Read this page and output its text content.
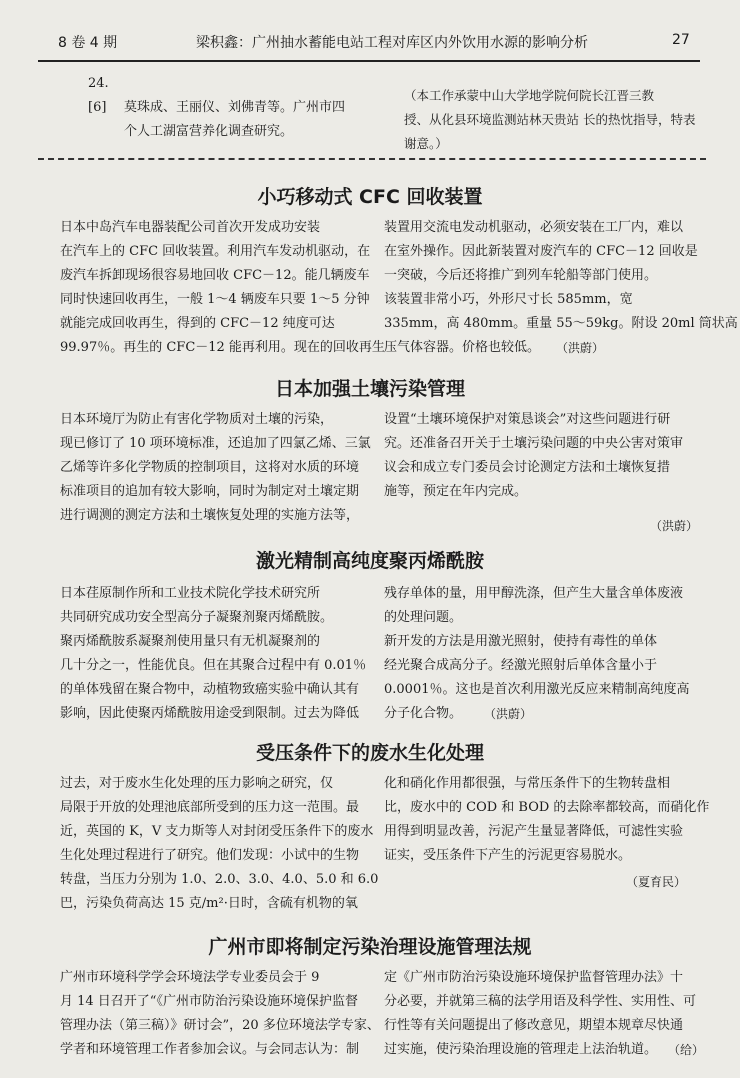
8 卷 4 期	梁积鑫：广州抽水蓄能电站工程对库区内外饮用水源的影响分析	27
24.
[6] 莫珠成、王丽仪、刘佛青等。广州市四
个人工湖富营养化调查研究。
（本工作承蒙中山大学地学院何院长江晋三教
授、从化县环境监测站林天贵站 长的热忱指导，特表
谢意。）
小巧移动式 CFC 回收装置
日本中岛汽车电器装配公司首次开发成功安装
在汽车上的 CFC 回收装置。利用汽车发动机驱动，在
废汽车拆卸现场很容易地回收 CFC－12。能几辆废车
同时快速回收再生，一般 1～4 辆废车只要 1～5 分钟
就能完成回收再生，得到的 CFC－12 纯度可达
99.97％。再生的 CFC－12 能再利用。现在的回收再生
装置用交流电发动机驱动，必须安装在工厂内，难以
在室外操作。因此新装置对废汽车的 CFC－12 回收是
一突破，今后还将推广到列车轮船等部门使用。
该装置非常小巧，外形尺寸长 585mm，宽
335mm，高 480mm。重量 55～59kg。附设 20ml 筒状高
压气体容器。价格也较低。	（洪蔚）
日本加强土壤污染管理
日本环境厅为防止有害化学物质对土壤的污染，
现已修订了 10 项环境标准，还追加了四氯乙烯、三氯
乙烯等许多化学物质的控制项目，这将对水质的环境
标准项目的追加有较大影响，同时为制定对土壤定期
进行调测的测定方法和土壤恢复处理的实施方法等，
设置“土壤环境保护对策恳谈会”对这些问题进行研
究。还准备召开关于土壤污染问题的中央公害对策审
议会和成立专门委员会讨论测定方法和土壤恢复措
施等，预定在年内完成。
（洪蔚）
激光精制高纯度聚丙烯酰胺
日本荏原制作所和工业技术院化学技术研究所
共同研究成功安全型高分子凝聚剂聚丙烯酰胺。
聚丙烯酰胺系凝聚剂使用量只有无机凝聚剂的
几十分之一，性能优良。但在其聚合过程中有 0.01％
的单体残留在聚合物中，动植物致癌实验中确认其有
影响，因此使聚丙烯酰胺用途受到限制。过去为降低
残存单体的量，用甲醇洗涤，但产生大量含单体废液
的处理问题。
新开发的方法是用激光照射，使持有毒性的单体
经光聚合成高分子。经激光照射后单体含量小于
0.0001％。这也是首次利用激光反应来精制高纯度高
分子化合物。	（洪蔚）
受压条件下的废水生化处理
过去，对于废水生化处理的压力影响之研究，仅
局限于开放的处理池底部所受到的压力这一范围。最
近，英国的 K，V 支力斯等人对封闭受压条件下的废水
生化处理过程进行了研究。他们发现：小试中的生物
转盘，当压力分别为 1.0、2.0、3.0、4.0、5.0 和 6.0
巴，污染负荷高达 15 克/m²·日时，含硫有机物的氧
化和硝化作用都很强，与常压条件下的生物转盘相
比，废水中的 COD 和 BOD 的去除率都较高，而硝化作
用得到明显改善，污泥产生量显著降低，可滤性实验
证实，受压条件下产生的污泥更容易脱水。
（夏育民）
广州市即将制定污染治理设施管理法规
广州市环境科学学会环境法学专业委员会于 9
月 14 日召开了“《广州市防治污染设施环境保护监督
管理办法（第三稿）》研讨会”，20 多位环境法学专家、
学者和环境管理工作者参加会议。与会同志认为：制
定《广州市防治污染设施环境保护监督管理办法》十
分必要，并就第三稿的法学用语及科学性、实用性、可
行性等有关问题提出了修改意见，期望本规章尽快通
过实施，使污染治理设施的管理走上法治轨道。 （给）
